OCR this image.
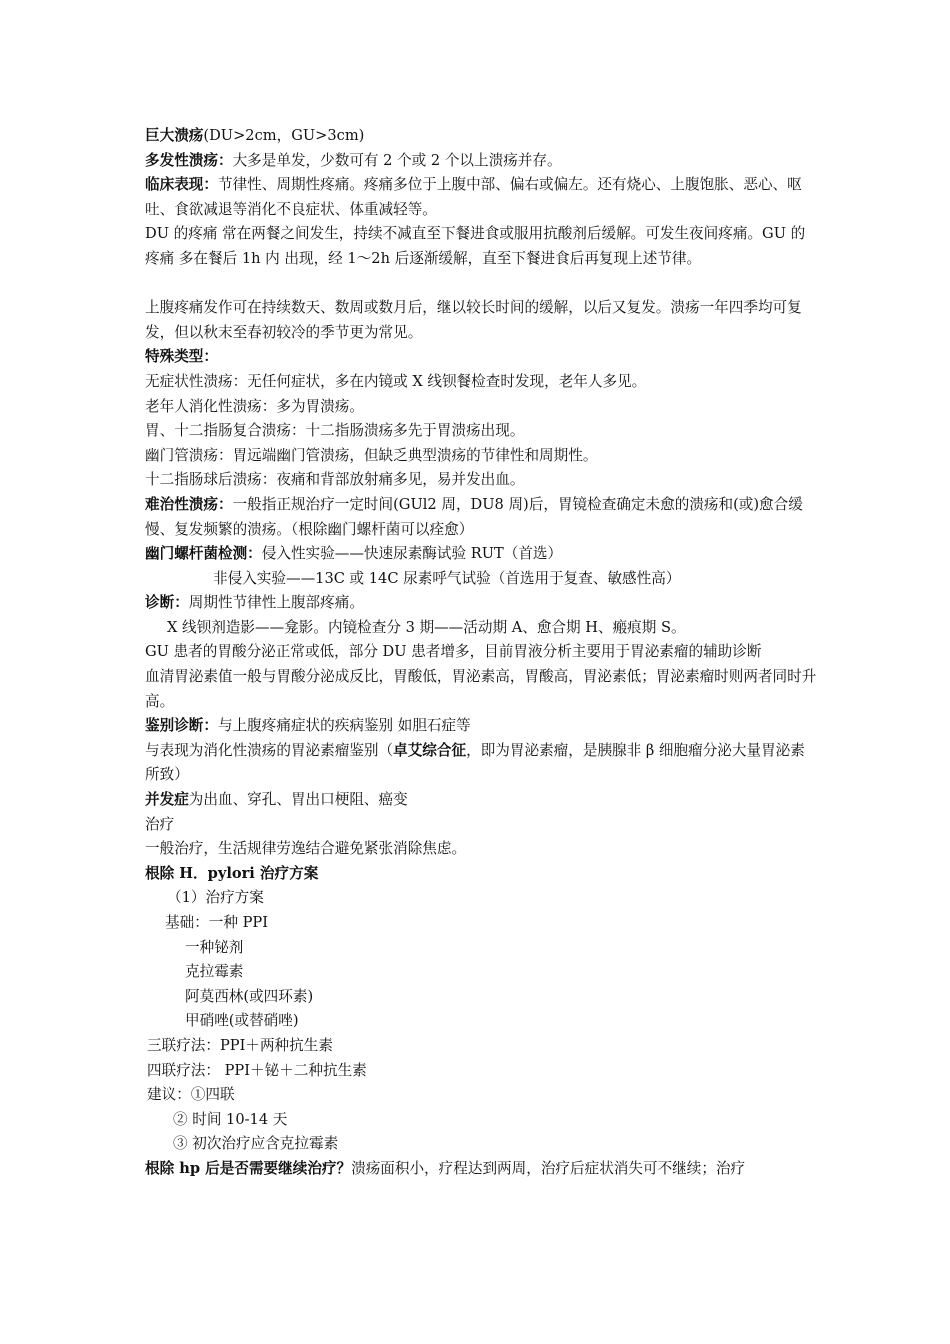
巨大溃疡(DU>2cm，GU>3cm)
多发性溃疡：大多是单发，少数可有 2 个或 2 个以上溃疡并存。
临床表现：节律性、周期性疼痛。疼痛多位于上腹中部、偏右或偏左。还有烧心、上腹饱胀、恶心、呕吐、食欲减退等消化不良症状、体重减轻等。
DU 的疼痛 常在两餐之间发生，持续不减直至下餐进食或服用抗酸剂后缓解。可发生夜间疼痛。GU 的疼痛 多在餐后 1h 内 出现，经 1～2h 后逐渐缓解，直至下餐进食后再复现上述节律。
上腹疼痛发作可在持续数天、数周或数月后，继以较长时间的缓解，以后又复发。溃疡一年四季均可复发，但以秋末至春初较冷的季节更为常见。
特殊类型：
无症状性溃疡：无任何症状，多在内镜或 X 线钡餐检查时发现，老年人多见。
老年人消化性溃疡：多为胃溃疡。
胃、十二指肠复合溃疡：十二指肠溃疡多先于胃溃疡出现。
幽门管溃疡：胃远端幽门管溃疡，但缺乏典型溃疡的节律性和周期性。
十二指肠球后溃疡：夜痛和背部放射痛多见，易并发出血。
难治性溃疡：一般指正规治疗一定时间(GUl2 周，DU8 周)后，胃镜检查确定未愈的溃疡和(或)愈合缓慢、复发频繁的溃疡。（根除幽门螺杆菌可以痊愈）
幽门螺杆菌检测：侵入性实验——快速尿素酶试验 RUT（首选）
非侵入实验——13C 或 14C 尿素呼气试验（首选用于复查、敏感性高）
诊断：周期性节律性上腹部疼痛。
X 线钡剂造影——龛影。内镜检查分 3 期——活动期 A、愈合期 H、瘢痕期 S。
GU 患者的胃酸分泌正常或低，部分 DU 患者增多，目前胃液分析主要用于胃泌素瘤的辅助诊断
血清胃泌素值一般与胃酸分泌成反比，胃酸低，胃泌素高，胃酸高，胃泌素低；胃泌素瘤时则两者同时升高。
鉴别诊断：与上腹疼痛症状的疾病鉴别 如胆石症等
与表现为消化性溃疡的胃泌素瘤鉴别（卓艾综合征，即为胃泌素瘤，是胰腺非 β 细胞瘤分泌大量胃泌素所致）
并发症为出血、穿孔、胃出口梗阻、癌变
治疗
一般治疗，生活规律劳逸结合避免紧张消除焦虑。
根除 H．pylori 治疗方案
（1）治疗方案
基础：一种 PPI
一种铋剂
克拉霉素
阿莫西林(或四环素)
甲硝唑(或替硝唑)
三联疗法：PPI＋两种抗生素
四联疗法： PPI＋铋＋二种抗生素
建议：①四联
② 时间 10-14 天
③ 初次治疗应含克拉霉素
根除 hp 后是否需要继续治疗？溃疡面积小，疗程达到两周，治疗后症状消失可不继续；治疗
